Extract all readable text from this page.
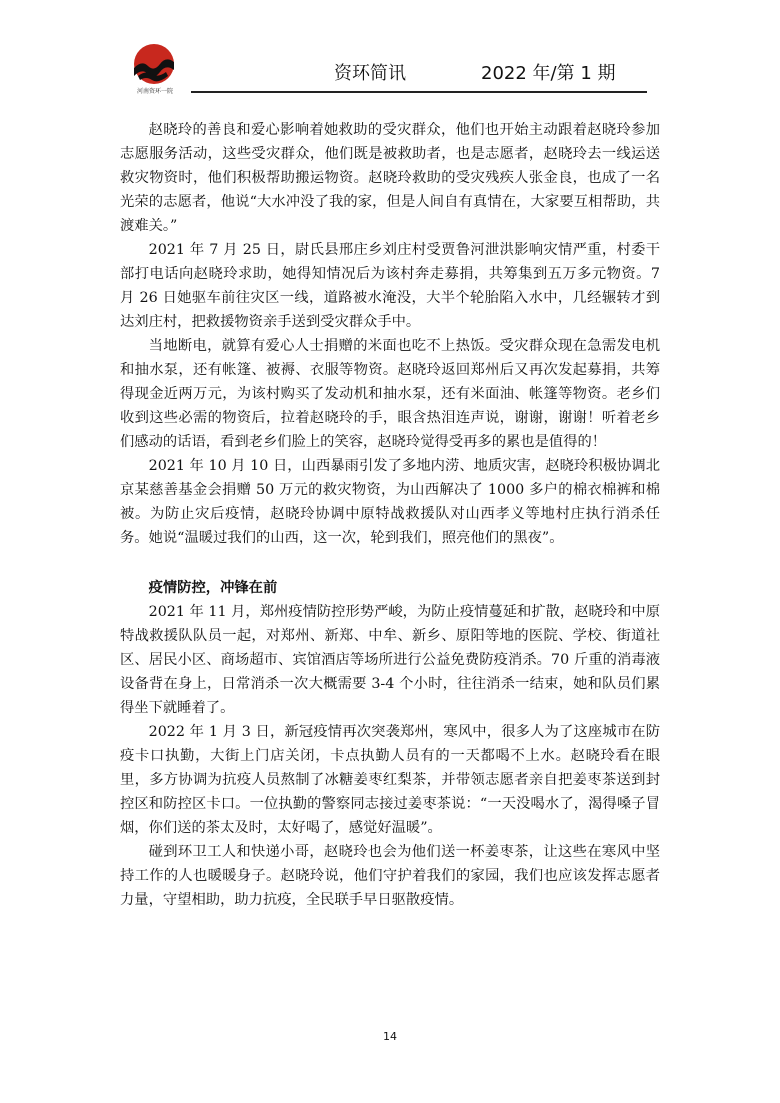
河南资环一院
资环简讯	2022 年/第 1 期

赵晓玲的善良和爱心影响着她救助的受灾群众，他们也开始主动跟着赵晓玲参加志愿服务活动，这些受灾群众，他们既是被救助者，也是志愿者，赵晓玲去一线运送救灾物资时，他们积极帮助搬运物资。赵晓玲救助的受灾残疾人张金良，也成了一名光荣的志愿者，他说“大水冲没了我的家，但是人间自有真情在，大家要互相帮助，共渡难关。”

2021 年 7 月 25 日，尉氏县邢庄乡刘庄村受贾鲁河泄洪影响灾情严重，村委干部打电话向赵晓玲求助，她得知情况后为该村奔走募捐，共筹集到五万多元物资。7 月 26 日她驱车前往灾区一线，道路被水淹没，大半个轮胎陷入水中，几经辗转才到达刘庄村，把救援物资亲手送到受灾群众手中。

当地断电，就算有爱心人士捐赠的米面也吃不上热饭。受灾群众现在急需发电机和抽水泵，还有帐篷、被褥、衣服等物资。赵晓玲返回郑州后又再次发起募捐，共筹得现金近两万元，为该村购买了发动机和抽水泵，还有米面油、帐篷等物资。老乡们收到这些必需的物资后，拉着赵晓玲的手，眼含热泪连声说，谢谢，谢谢！听着老乡们感动的话语，看到老乡们脸上的笑容，赵晓玲觉得受再多的累也是值得的！

2021 年 10 月 10 日，山西暴雨引发了多地内涝、地质灾害，赵晓玲积极协调北京某慈善基金会捐赠 50 万元的救灾物资，为山西解决了 1000 多户的棉衣棉裤和棉被。为防止灾后疫情，赵晓玲协调中原特战救援队对山西孝义等地村庄执行消杀任务。她说“温暖过我们的山西，这一次，轮到我们，照亮他们的黑夜”。

疫情防控，冲锋在前

2021 年 11 月，郑州疫情防控形势严峻，为防止疫情蔓延和扩散，赵晓玲和中原特战救援队队员一起，对郑州、新郑、中牟、新乡、原阳等地的医院、学校、街道社区、居民小区、商场超市、宾馆酒店等场所进行公益免费防疫消杀。70 斤重的消毒液设备背在身上，日常消杀一次大概需要 3-4 个小时，往往消杀一结束，她和队员们累得坐下就睡着了。

2022 年 1 月 3 日，新冠疫情再次突袭郑州，寒风中，很多人为了这座城市在防疫卡口执勤，大街上门店关闭，卡点执勤人员有的一天都喝不上水。赵晓玲看在眼里，多方协调为抗疫人员熬制了冰糖姜枣红梨茶，并带领志愿者亲自把姜枣茶送到封控区和防控区卡口。一位执勤的警察同志接过姜枣茶说：“一天没喝水了，渴得嗓子冒烟，你们送的茶太及时，太好喝了，感觉好温暖”。

碰到环卫工人和快递小哥，赵晓玲也会为他们送一杯姜枣茶，让这些在寒风中坚持工作的人也暖暖身子。赵晓玲说，他们守护着我们的家园，我们也应该发挥志愿者力量，守望相助，助力抗疫，全民联手早日驱散疫情。

14
